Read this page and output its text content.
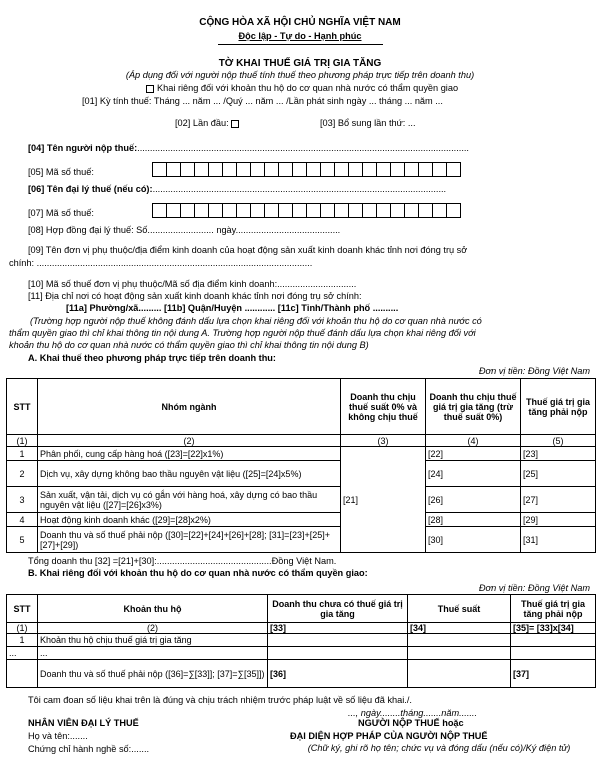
CỘNG HÒA XÃ HỘI CHỦ NGHĨA VIỆT NAM
Độc lập - Tự do - Hạnh phúc
TỜ KHAI THUẾ GIÁ TRỊ GIA TĂNG
(Áp dụng đối với người nộp thuế tính thuế theo phương pháp trực tiếp trên doanh thu)
Khai riêng đối với khoản thu hộ do cơ quan nhà nước có thẩm quyền giao
[01] Kỳ tính thuế: Tháng ... năm ... /Quý ... năm ... /Lần phát sinh ngày ... tháng ... năm ...
[02] Lần đầu:	[03] Bổ sung lần thứ: ...
[04] Tên người nộp thuế:..................................................................................................................................
[05] Mã số thuế:
[06] Tên đại lý thuế (nếu có):...................................................................................................................
[07] Mã số thuế:
[08] Hợp đồng đại lý thuế: Số.......................... ngày.........................................
[09] Tên đơn vị phụ thuộc/địa điểm kinh doanh của hoạt động sản xuất kinh doanh khác tỉnh nơi đóng trụ sở
chính: ............................................................................................................
[10] Mã số thuế đơn vị phụ thuộc/Mã số địa điểm kinh doanh:...............................
[11] Địa chỉ nơi có hoạt động sản xuất kinh doanh khác tỉnh nơi đóng trụ sở chính:
[11a] Phường/xã......... [11b] Quận/Huyện ............ [11c] Tỉnh/Thành phố ..........
(Trường hợp người nộp thuế không đánh dấu lựa chọn khai riêng đối với khoản thu hộ do cơ quan nhà nước có
thẩm quyền giao thì chỉ khai thông tin nội dung A. Trường hợp người nộp thuế đánh dấu lựa chọn khai riêng đối với
khoản thu hộ do cơ quan nhà nước có thẩm quyền giao thì chỉ khai thông tin nội dung B)
A. Khai thuế theo phương pháp trực tiếp trên doanh thu:
Đơn vị tiền: Đồng Việt Nam
STT	Nhóm ngành	Doanh thu chịu thuế suất 0% và không chịu thuế	Doanh thu chịu thuế giá trị gia tăng (trừ thuế suất 0%)	Thuế giá trị gia tăng phải nộp
(1)	(2)	(3)	(4)	(5)
1	Phân phối, cung cấp hàng hoá ([23]=[22]x1%)	[21]	[22]	[23]
2	Dịch vụ, xây dựng không bao thầu nguyên vật liệu ([25]=[24]x5%)		[24]	[25]
3	Sản xuất, vận tải, dịch vụ có gắn với hàng hoá, xây dựng có bao thầu nguyên vật liệu ([27]=[26]x3%)		[26]	[27]
4	Hoạt động kinh doanh khác ([29]=[28]x2%)		[28]	[29]
5	Doanh thu và số thuế phải nộp ([30]=[22]+[24]+[26]+[28]; [31]=[23]+[25]+[27]+[29])		[30]	[31]
Tổng doanh thu [32] =[21]+[30]:.............................................Đồng Việt Nam.
B. Khai riêng đối với khoản thu hộ do cơ quan nhà nước có thẩm quyền giao:
Đơn vị tiền: Đồng Việt Nam
STT	Khoản thu hộ	Doanh thu chưa có thuế giá trị gia tăng	Thuế suất	Thuế giá trị gia tăng phải nộp
(1)	(2)	[33]	[34]	[35]= [33]x[34]
1	Khoản thu hộ chịu thuế giá trị gia tăng			
...	...			
	Doanh thu và số thuế phải nộp ([36]=∑[33]]; [37]=∑[35]])	[36]		[37]
Tôi cam đoan số liệu khai trên là đúng và chịu trách nhiệm trước pháp luật về số liệu đã khai./.
..., ngày........tháng.......năm.......
NHÂN VIÊN ĐẠI LÝ THUẾ
Họ và tên:.......
Chứng chỉ hành nghề số:.......
NGƯỜI NỘP THUẾ hoặc
ĐẠI DIỆN HỢP PHÁP CỦA NGƯỜI NỘP THUẾ
(Chữ ký, ghi rõ họ tên; chức vụ và đóng dấu (nếu có)/Ký điện tử)
